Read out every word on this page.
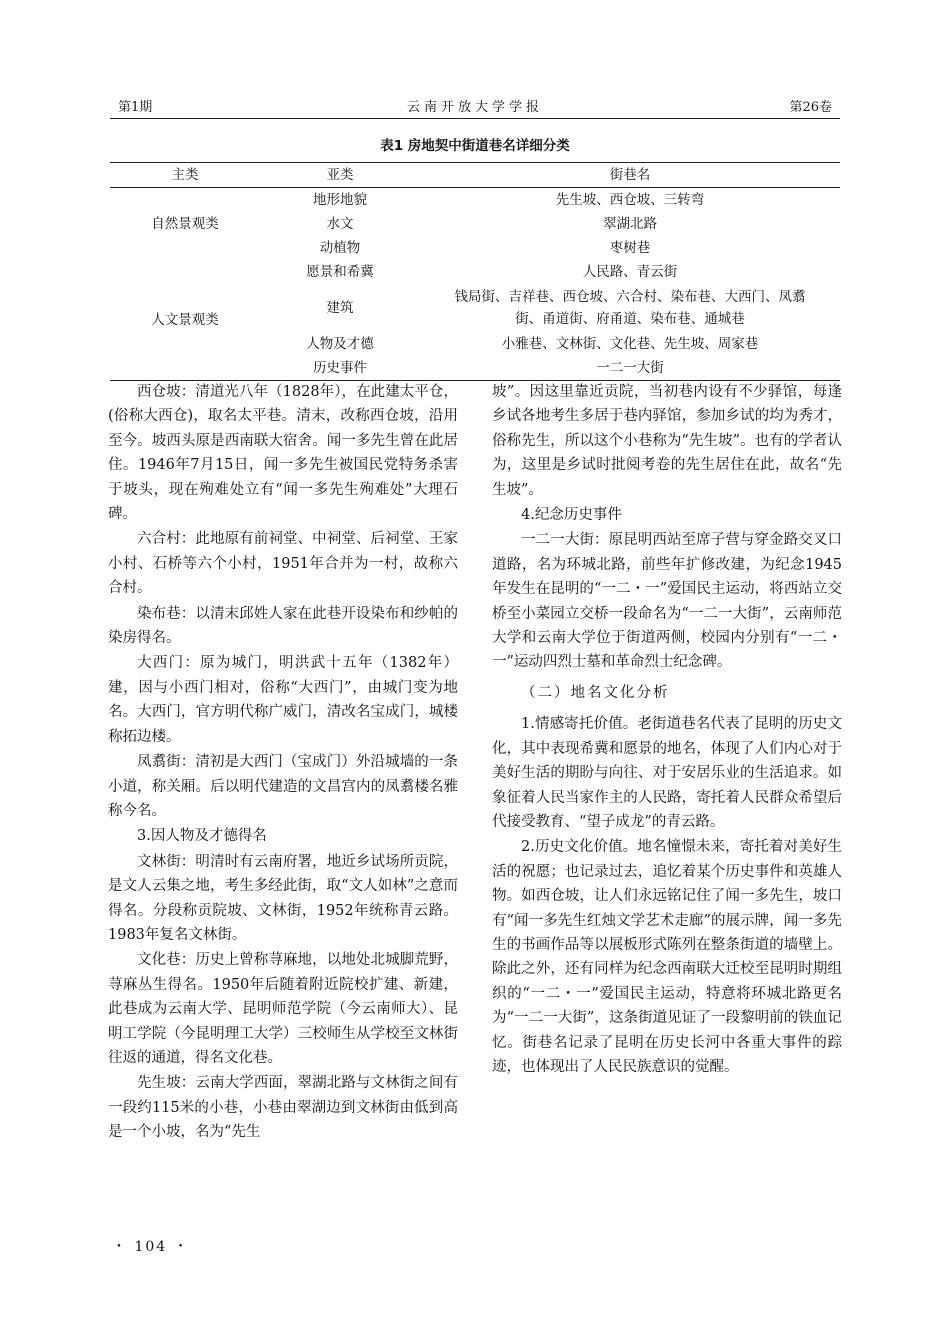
第1期	云南开放大学学报	第26卷
表1 房地契中街道巷名详细分类
主类	亚类	街巷名
自然景观类	地形地貌	先生坡、西仓坡、三转弯
	水文	翠湖北路
	动植物	枣树巷
人文景观类	愿景和希冀	人民路、青云街
	建筑	钱局街、吉祥巷、西仓坡、六合村、染布巷、大西门、凤翥街、甬道街、府甬道、染布巷、通城巷
	人物及才德	小雅巷、文林街、文化巷、先生坡、周家巷
	历史事件	一二一大街

西仓坡：清道光八年（1828年），在此建太平仓，(俗称大西仓)，取名太平巷。清末，改称西仓坡，沿用至今。坡西头原是西南联大宿舍。闻一多先生曾在此居住。1946年7月15日，闻一多先生被国民党特务杀害于坡头，现在殉难处立有“闻一多先生殉难处”大理石碑。

六合村：此地原有前祠堂、中祠堂、后祠堂、王家小村、石桥等六个小村，1951年合并为一村，故称六合村。

染布巷：以清末邱姓人家在此巷开设染布和纱帕的染房得名。

大西门：原为城门，明洪武十五年（1382年）建，因与小西门相对，俗称“大西门”，由城门变为地名。大西门，官方明代称广威门，清改名宝成门，城楼称拓边楼。

凤翥街：清初是大西门（宝成门）外沿城墙的一条小道，称关厢。后以明代建造的文昌宫内的凤翥楼名雅称今名。

3.因人物及才德得名

文林街：明清时有云南府署，地近乡试场所贡院，是文人云集之地，考生多经此街，取“文人如林”之意而得名。分段称贡院坡、文林街，1952年统称青云路。1983年复名文林街。

文化巷：历史上曾称荨麻地，以地处北城脚荒野，荨麻丛生得名。1950年后随着附近院校扩建、新建，此巷成为云南大学、昆明师范学院（今云南师大）、昆明工学院（今昆明理工大学）三校师生从学校至文林街往返的通道，得名文化巷。

先生坡：云南大学西面，翠湖北路与文林街之间有一段约115米的小巷，小巷由翠湖边到文林街由低到高是一个小坡，名为“先生

坡”。因这里靠近贡院，当初巷内设有不少驿馆，每逢乡试各地考生多居于巷内驿馆，参加乡试的均为秀才，俗称先生，所以这个小巷称为“先生坡”。也有的学者认为，这里是乡试时批阅考卷的先生居住在此，故名“先生坡”。

4.纪念历史事件

一二一大街：原昆明西站至席子营与穿金路交叉口道路，名为环城北路，前些年扩修改建，为纪念1945年发生在昆明的“一二・一”爱国民主运动，将西站立交桥至小菜园立交桥一段命名为“一二一大街”，云南师范大学和云南大学位于街道两侧，校园内分别有“一二・一”运动四烈士墓和革命烈士纪念碑。

（二）地名文化分析

1.情感寄托价值。老街道巷名代表了昆明的历史文化，其中表现希冀和愿景的地名，体现了人们内心对于美好生活的期盼与向往、对于安居乐业的生活追求。如象征着人民当家作主的人民路，寄托着人民群众希望后代接受教育、“望子成龙”的青云路。

2.历史文化价值。地名憧憬未来，寄托着对美好生活的祝愿；也记录过去，追忆着某个历史事件和英雄人物。如西仓坡，让人们永远铭记住了闻一多先生，坡口有“闻一多先生红烛文学艺术走廊”的展示牌，闻一多先生的书画作品等以展板形式陈列在整条街道的墙壁上。除此之外，还有同样为纪念西南联大迁校至昆明时期组织的“一二・一”爱国民主运动，特意将环城北路更名为“一二一大街”，这条街道见证了一段黎明前的铁血记忆。街巷名记录了昆明在历史长河中各重大事件的踪迹，也体现出了人民民族意识的觉醒。

・ 104 ・
